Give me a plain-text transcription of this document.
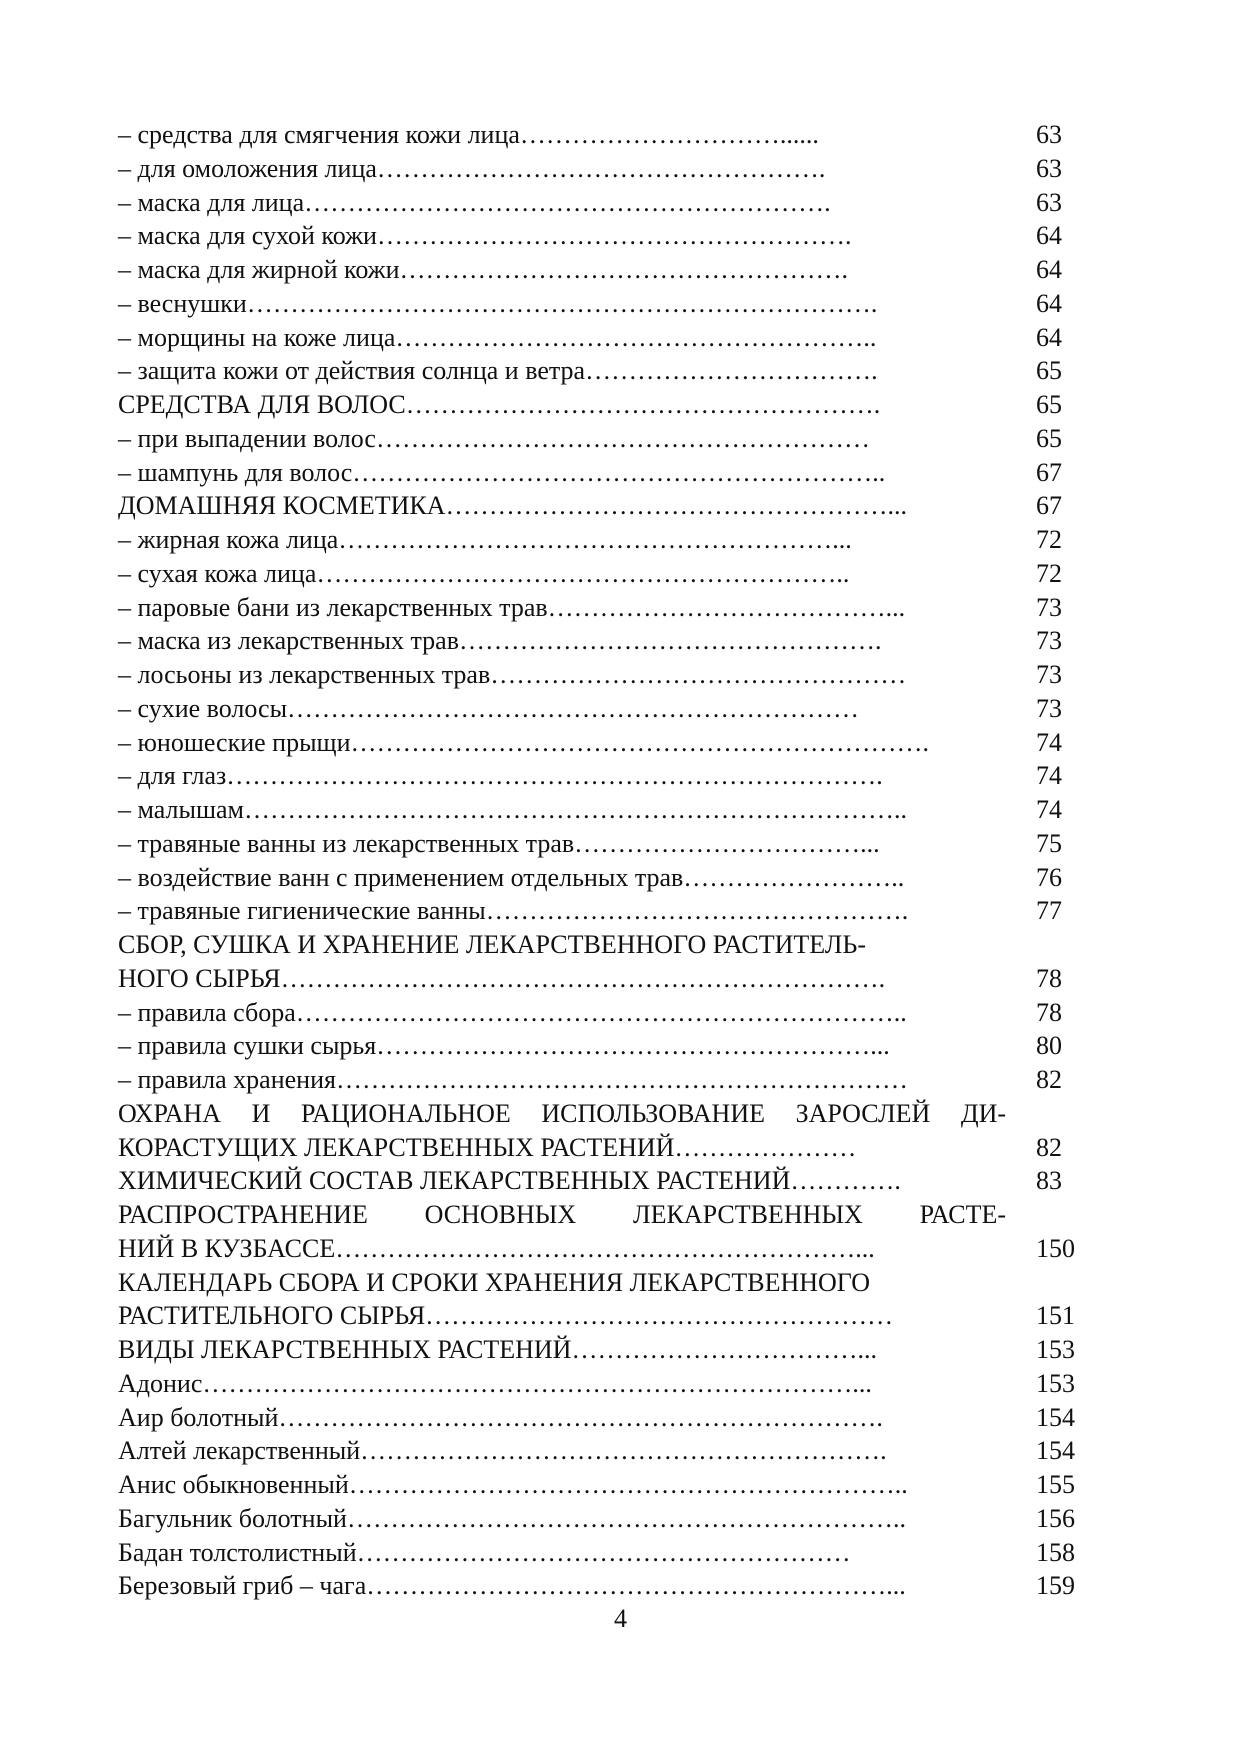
– средства для смягчения кожи лица…………………………......	63
– для омоложения лица…………………………………………….	63
– маска для лица…………………………………………………….	63
– маска для сухой кожи……………………………………………….	64
– маска для жирной кожи…………………………………………….	64
– веснушки……………………………………………………………….	64
– морщины на коже лица………………………………………………..	64
– защита кожи от действия солнца и ветра…………………………….	65
СРЕДСТВА ДЛЯ ВОЛОС……………………………………………….	65
– при выпадении волос…………………………………………………	65
– шампунь для волос……………………………………………………..	67
ДОМАШНЯЯ КОСМЕТИКА……………………………………………...	67
– жирная кожа лица…………………………………………………...	72
– сухая кожа лица……………………………………………………..	72
– паровые бани из лекарственных трав…………………………………...	73
– маска из лекарственных трав………………………………………….	73
– лосьоны из лекарственных трав…………………………………………	73
– сухие волосы…………………………………………………………	73
– юношеские прыщи………………………………………………………….	74
– для глаз………………………………………………………………….	74
– малышам…………………………………………………………………..	74
– травяные ванны из лекарственных трав……………………………...	75
– воздействие ванн с применением отдельных трав……………………..	76
– травяные гигиенические ванны………………………………………….	77
СБОР, СУШКА И ХРАНЕНИЕ ЛЕКАРСТВЕННОГО РАСТИТЕЛЬ-
НОГО СЫРЬЯ…………………………………………………………….	78
– правила сбора……………………………………………………………..	78
– правила сушки сырья…………………………………………………...	80
– правила хранения…………………………………………………………	82
ОХРАНА И РАЦИОНАЛЬНОЕ ИСПОЛЬЗОВАНИЕ ЗАРОСЛЕЙ ДИ-
КОРАСТУЩИХ ЛЕКАРСТВЕННЫХ РАСТЕНИЙ…………………	82
ХИМИЧЕСКИЙ СОСТАВ ЛЕКАРСТВЕННЫХ РАСТЕНИЙ………….	83
РАСПРОСТРАНЕНИЕ ОСНОВНЫХ ЛЕКАРСТВЕННЫХ РАСТЕ-
НИЙ В КУЗБАССЕ……………………………………………………...	150
КАЛЕНДАРЬ СБОРА И СРОКИ ХРАНЕНИЯ ЛЕКАРСТВЕННОГО
РАСТИТЕЛЬНОГО СЫРЬЯ………………………………………………	151
ВИДЫ ЛЕКАРСТВЕННЫХ РАСТЕНИЙ……………………………...	153
Адонис…………………………………………………………………...	153
Аир болотный…………………………………………………………….	154
Алтей лекарственный…………………………………………………….	154
Анис обыкновенный………………………………………………………..	155
Багульник болотный………………………………………………………..	156
Бадан толстолистный…………………………………………………	158
Березовый гриб – чага……………………………………………………...	159
4
